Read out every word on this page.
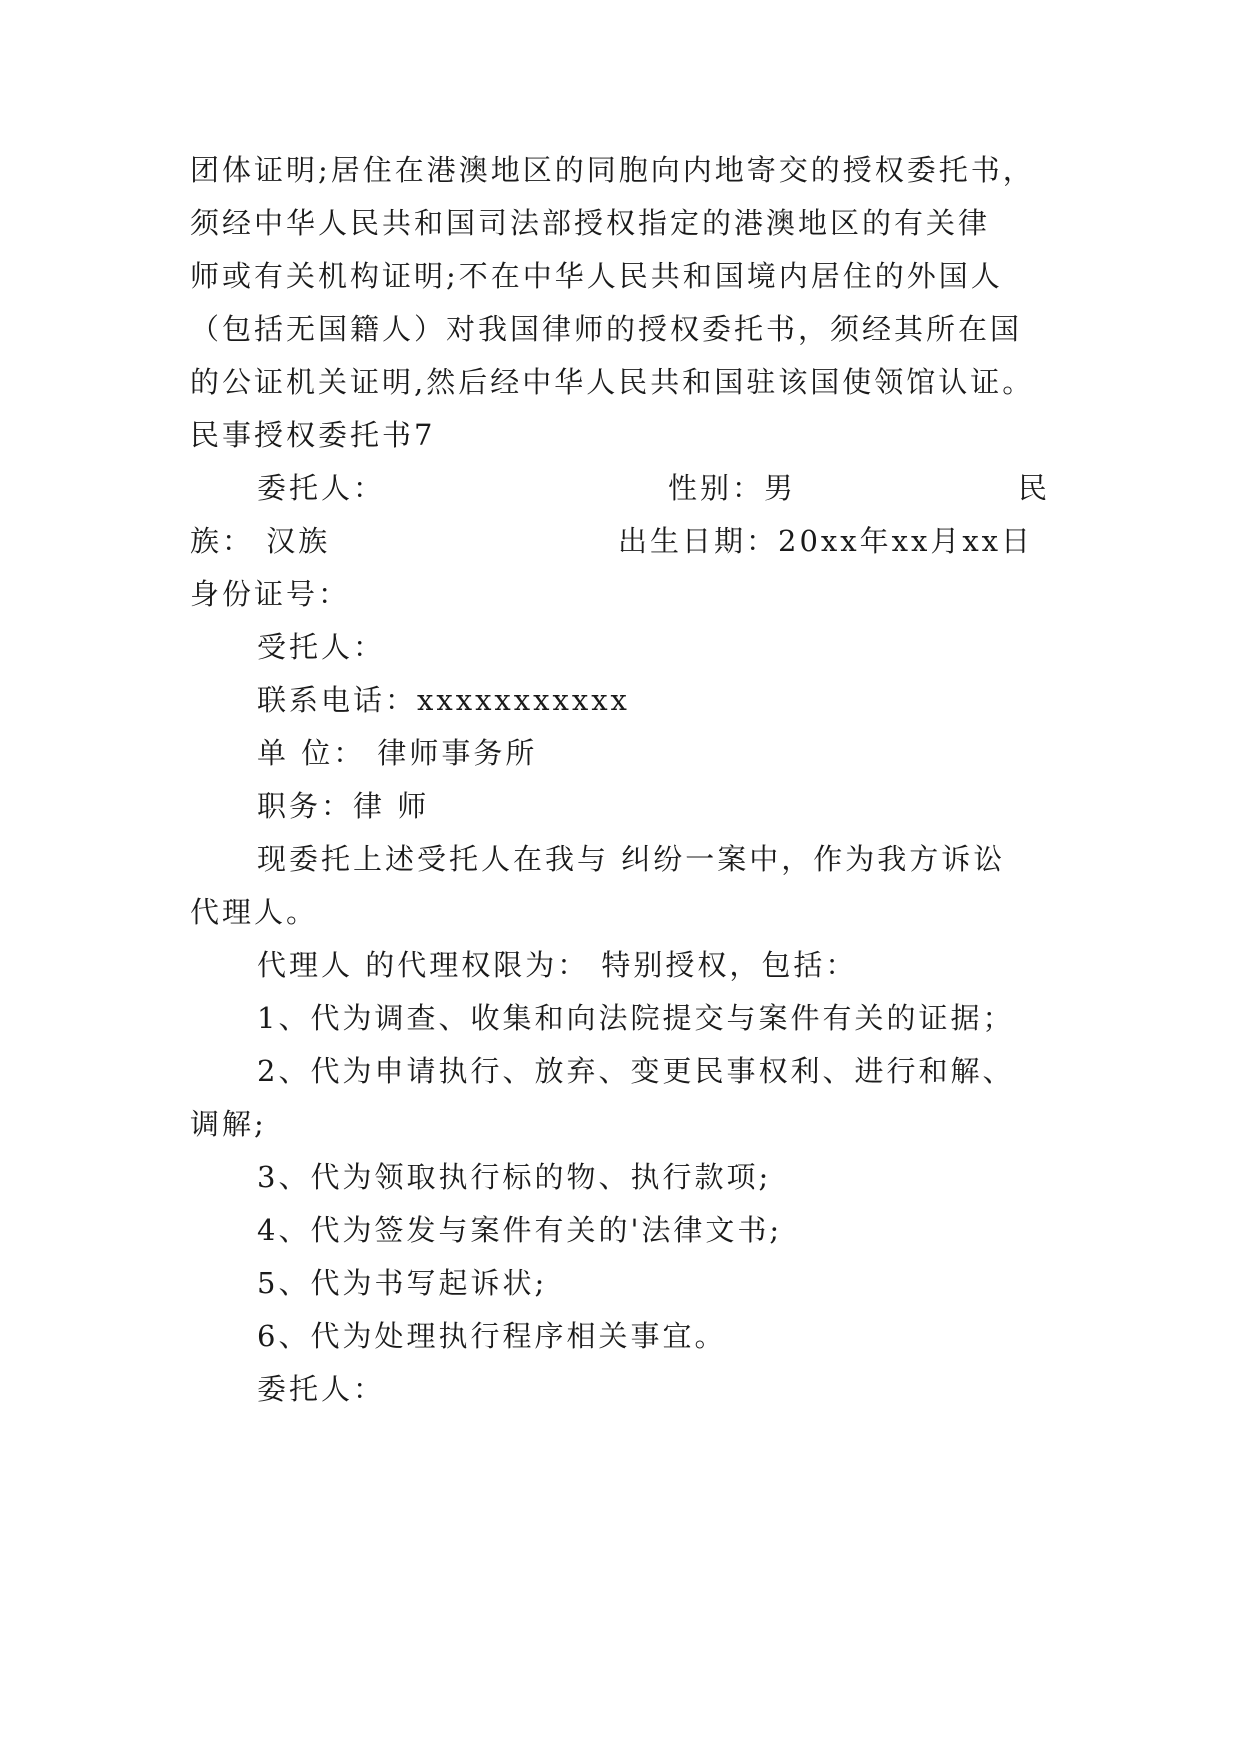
团体证明;居住在港澳地区的同胞向内地寄交的授权委托书，
须经中华人民共和国司法部授权指定的港澳地区的有关律
师或有关机构证明;不在中华人民共和国境内居住的外国人
（包括无国籍人）对我国律师的授权委托书，须经其所在国
的公证机关证明,然后经中华人民共和国驻该国使领馆认证。
民事授权委托书7
委托人：	性别：男	民
族： 汉族	出生日期：20xx年xx月xx日
身份证号：
受托人：
联系电话：xxxxxxxxxxx
单 位： 律师事务所
职务：律 师
现委托上述受托人在我与 纠纷一案中，作为我方诉讼
代理人。
代理人 的代理权限为： 特别授权，包括：
1、代为调查、收集和向法院提交与案件有关的证据；
2、代为申请执行、放弃、变更民事权利、进行和解、
调解;
3、代为领取执行标的物、执行款项;
4、代为签发与案件有关的'法律文书;
5、代为书写起诉状;
6、代为处理执行程序相关事宜。
委托人：
